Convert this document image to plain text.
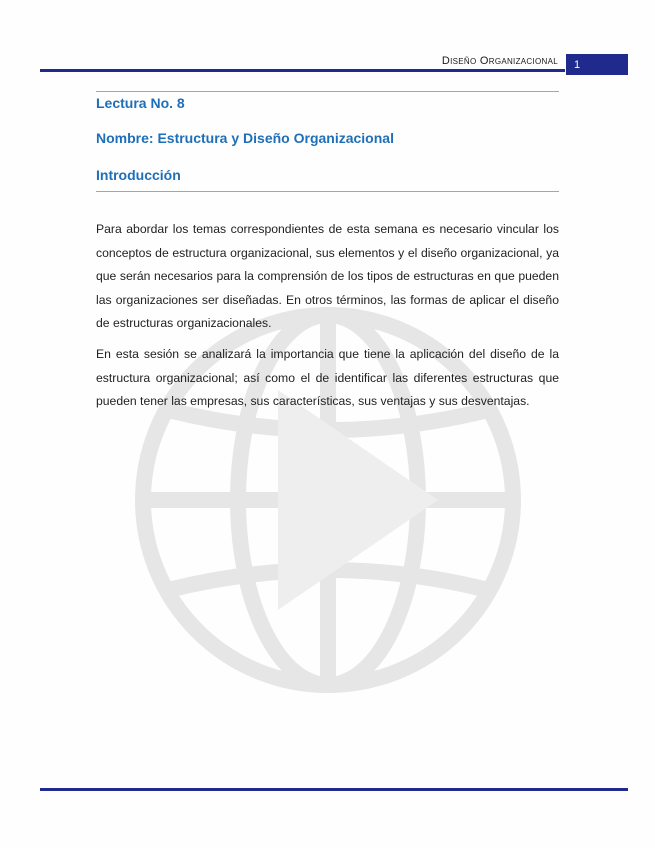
Diseño Organizacional	1
Lectura No. 8
Nombre: Estructura y Diseño Organizacional
Introducción

Para abordar los temas correspondientes de esta semana es necesario vincular los conceptos de estructura organizacional, sus elementos y el diseño organizacional, ya que serán necesarios para la comprensión de los tipos de estructuras en que pueden las organizaciones ser diseñadas. En otros términos, las formas de aplicar el diseño de estructuras organizacionales.

En esta sesión se analizará la importancia que tiene la aplicación del diseño de la estructura organizacional; así como el de identificar las diferentes estructuras que pueden tener las empresas, sus características, sus ventajas y sus desventajas.
